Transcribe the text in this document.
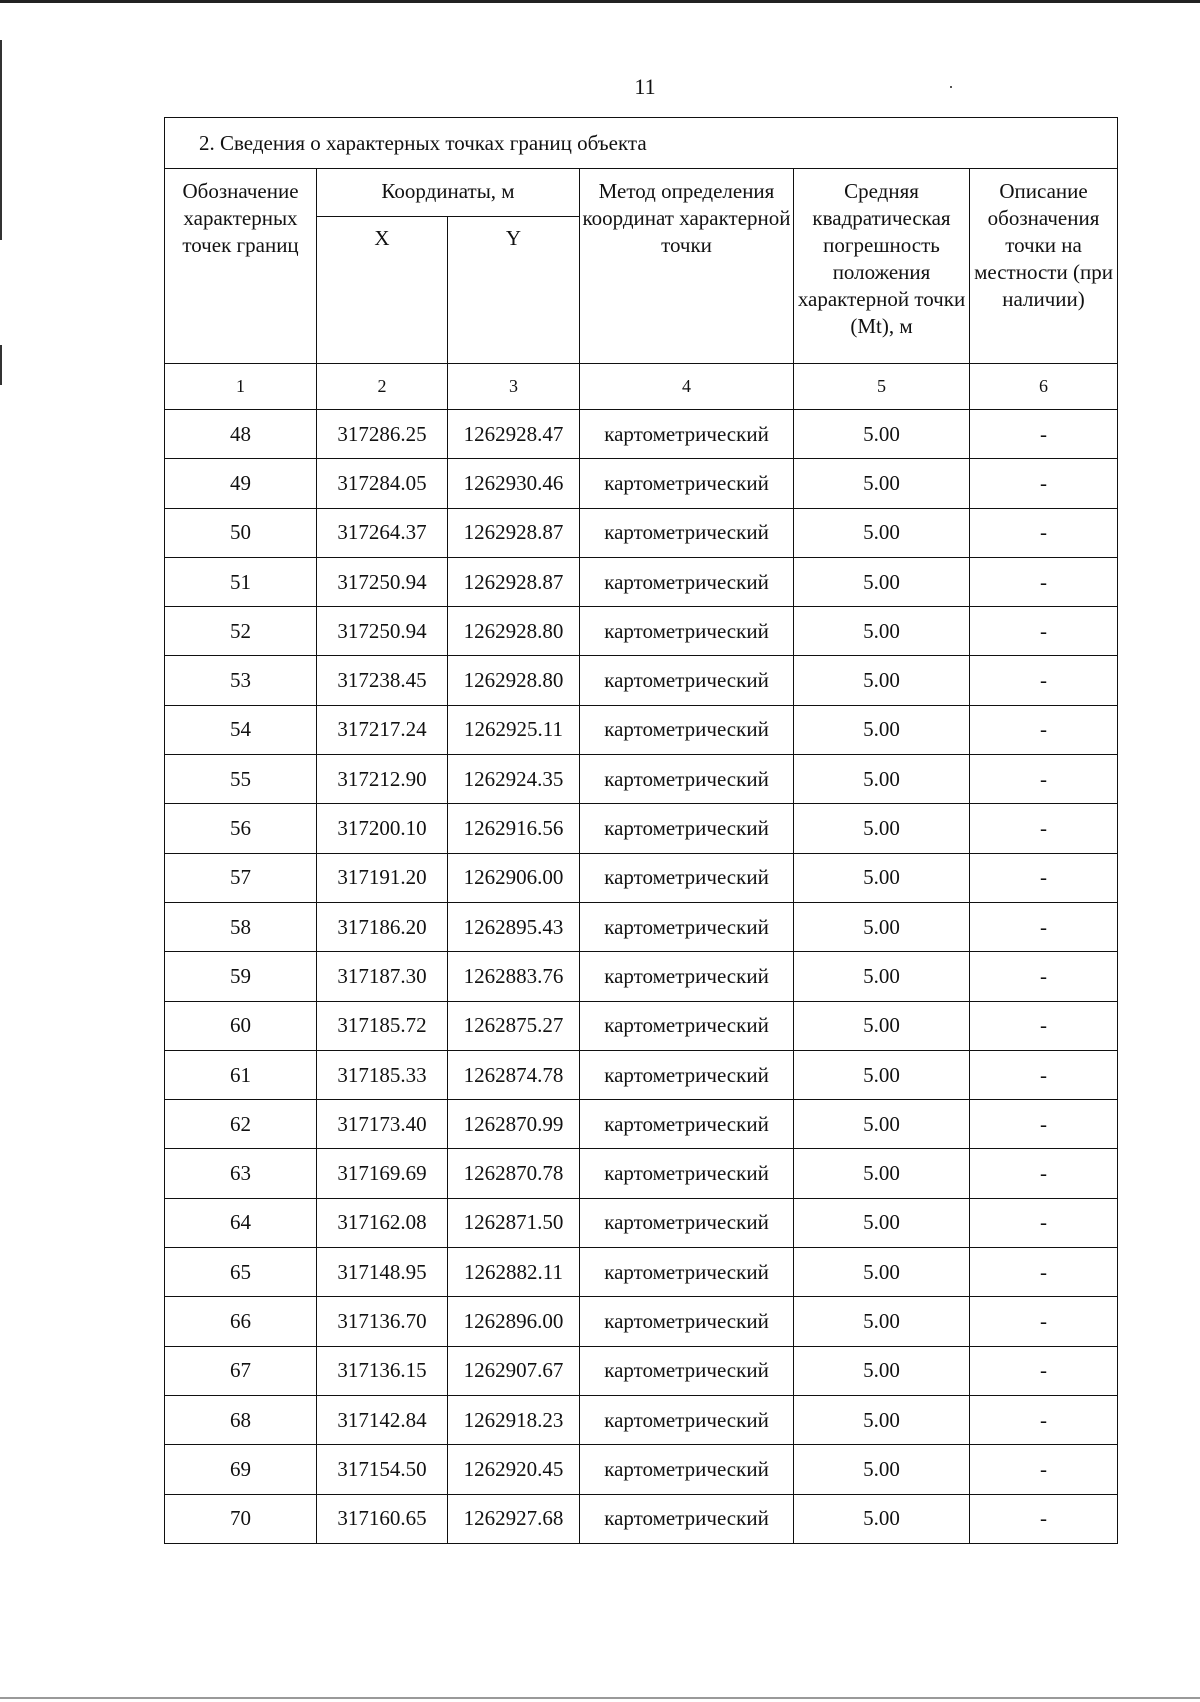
11
2. Сведения о характерных точках границ объекта					
Обозначение характерных точек границ	Координаты, м		Метод определения координат характерной точки	Средняя квадратическая погрешность положения характерной точки (Mt), м	Описание обозначения точки на местности (при наличии)
	X	Y			
1	2	3	4	5	6
48	317286.25	1262928.47	картометрический	5.00	-
49	317284.05	1262930.46	картометрический	5.00	-
50	317264.37	1262928.87	картометрический	5.00	-
51	317250.94	1262928.87	картометрический	5.00	-
52	317250.94	1262928.80	картометрический	5.00	-
53	317238.45	1262928.80	картометрический	5.00	-
54	317217.24	1262925.11	картометрический	5.00	-
55	317212.90	1262924.35	картометрический	5.00	-
56	317200.10	1262916.56	картометрический	5.00	-
57	317191.20	1262906.00	картометрический	5.00	-
58	317186.20	1262895.43	картометрический	5.00	-
59	317187.30	1262883.76	картометрический	5.00	-
60	317185.72	1262875.27	картометрический	5.00	-
61	317185.33	1262874.78	картометрический	5.00	-
62	317173.40	1262870.99	картометрический	5.00	-
63	317169.69	1262870.78	картометрический	5.00	-
64	317162.08	1262871.50	картометрический	5.00	-
65	317148.95	1262882.11	картометрический	5.00	-
66	317136.70	1262896.00	картометрический	5.00	-
67	317136.15	1262907.67	картометрический	5.00	-
68	317142.84	1262918.23	картометрический	5.00	-
69	317154.50	1262920.45	картометрический	5.00	-
70	317160.65	1262927.68	картометрический	5.00	-
